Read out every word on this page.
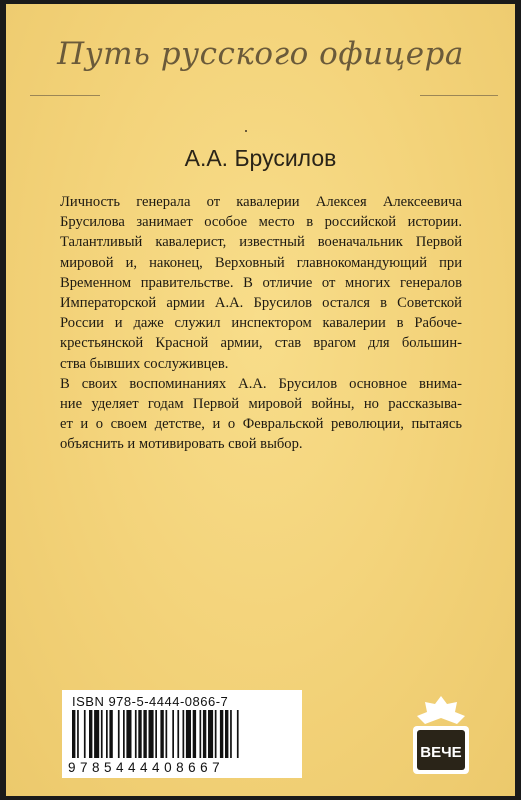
Путь русского офицера
А.А. Брусилов
Личность генерала от кавалерии Алексея Алексеевича
Брусилова занимает особое место в российской истории.
Талантливый кавалерист, известный военачальник Первой
мировой и, наконец, Верховный главнокомандующий при
Временном правительстве. В отличие от многих генералов
Императорской армии А.А. Брусилов остался в Советской
России и даже служил инспектором кавалерии в Рабоче-
крестьянской Красной армии, став врагом для большин-
ства бывших сослуживцев.
В своих воспоминаниях А.А. Брусилов основное внима-
ние уделяет годам Первой мировой войны, но рассказыва-
ет и о своем детстве, и о Февральской революции, пытаясь
объяснить и мотивировать свой выбор.
ISBN 978-5-4444-0866-7
9785444408667
ВЕЧЕ
